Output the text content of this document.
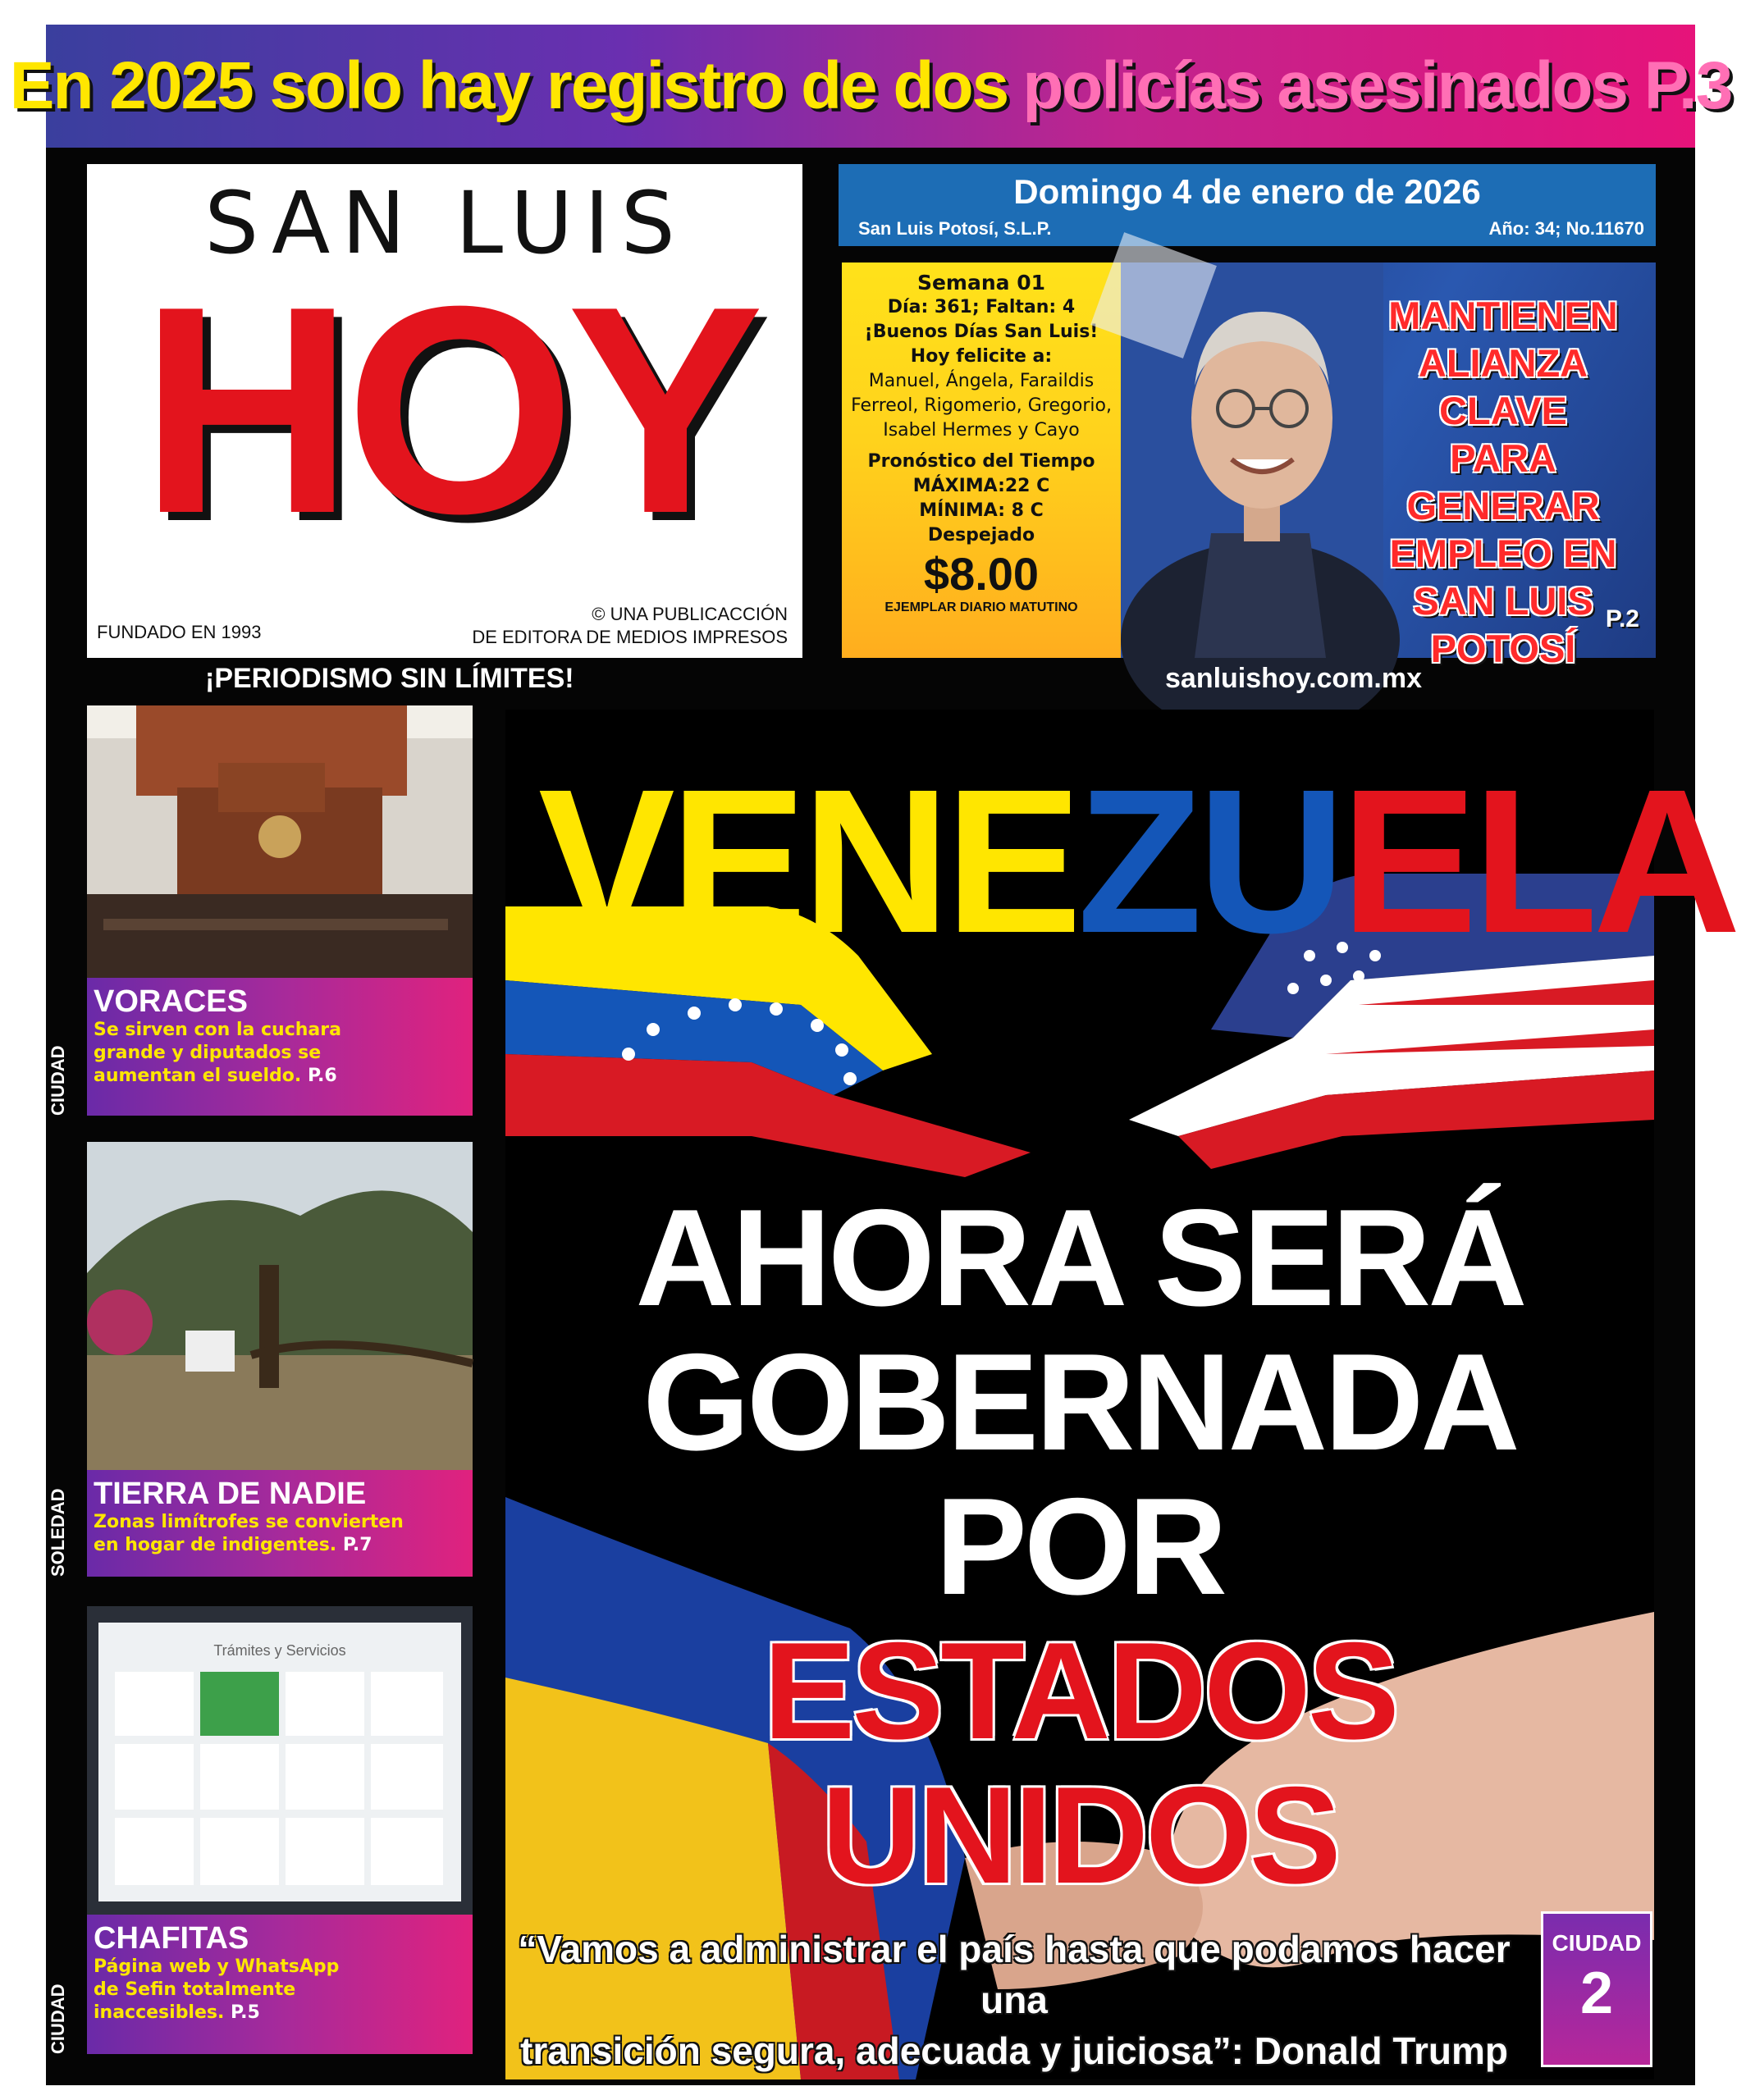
En 2025 solo hay registro de dos policías asesinados P.3
SAN LUIS
HOY
FUNDADO EN 1993
© UNA PUBLICACCIÓN
DE EDITORA DE MEDIOS IMPRESOS
Domingo 4 de enero de 2026
San Luis Potosí, S.L.P.	Año: 34; No.11670
Semana 01
Día: 361; Faltan: 4
¡Buenos Días San Luis!
Hoy felicite a:
Manuel, Ángela, Faraildis
Ferreol, Rigomerio, Gregorio,
Isabel Hermes y Cayo
Pronóstico del Tiempo
MÁXIMA:22 C
MÍNIMA: 8 C
Despejado
$8.00
EJEMPLAR DIARIO MATUTINO
MANTIENEN
ALIANZA CLAVE
PARA GENERAR
EMPLEO EN
SAN LUIS
POTOSÍ
P.2
¡PERIODISMO SIN LÍMITES!	sanluishoy.com.mx
VORACES
Se sirven con la cuchara
grande y diputados se
aumentan el sueldo. P.6
CIUDAD
TIERRA DE NADIE
Zonas limítrofes se convierten
en hogar de indigentes. P.7
SOLEDAD
Trámites y Servicios
CHAFITAS
Página web y WhatsApp
de Sefin totalmente
inaccesibles. P.5
CIUDAD
VENEZUELA
AHORA SERÁ
GOBERNADA POR
ESTADOS UNIDOS
“Vamos a administrar el país hasta que podamos hacer una
transición segura, adecuada y juiciosa”: Donald Trump
CIUDAD
2
